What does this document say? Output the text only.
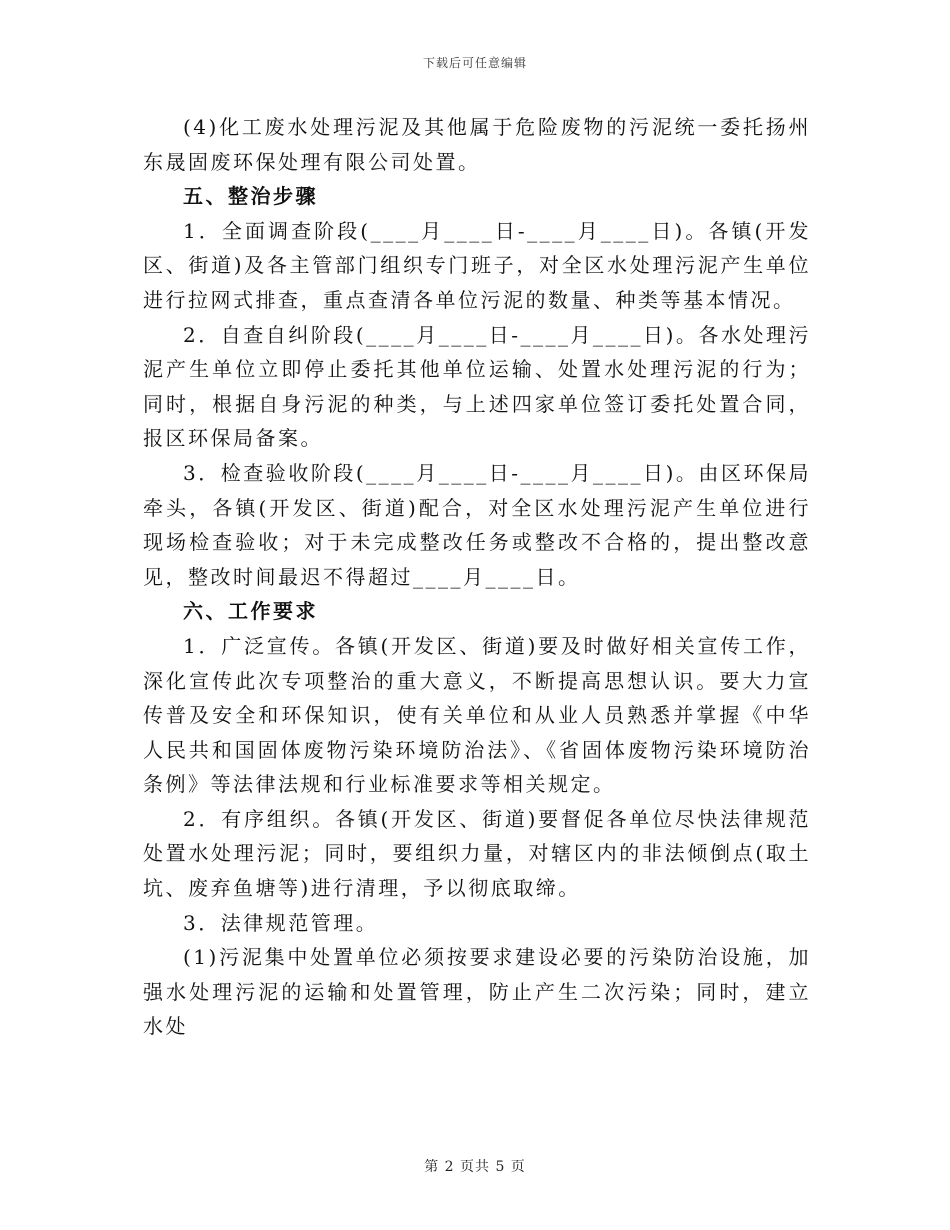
下载后可任意编辑

(4)化工废水处理污泥及其他属于危险废物的污泥统一委托扬州东晟固废环保处理有限公司处置。

五、整治步骤

1．全面调查阶段(____月____日-____月____日)。各镇(开发区、街道)及各主管部门组织专门班子，对全区水处理污泥产生单位进行拉网式排查，重点查清各单位污泥的数量、种类等基本情况。

2．自查自纠阶段(____月____日-____月____日)。各水处理污泥产生单位立即停止委托其他单位运输、处置水处理污泥的行为；同时，根据自身污泥的种类，与上述四家单位签订委托处置合同，报区环保局备案。

3．检查验收阶段(____月____日-____月____日)。由区环保局牵头，各镇(开发区、街道)配合，对全区水处理污泥产生单位进行现场检查验收；对于未完成整改任务或整改不合格的，提出整改意见，整改时间最迟不得超过____月____日。

六、工作要求

1．广泛宣传。各镇(开发区、街道)要及时做好相关宣传工作，深化宣传此次专项整治的重大意义，不断提高思想认识。要大力宣传普及安全和环保知识，使有关单位和从业人员熟悉并掌握《中华人民共和国固体废物污染环境防治法》、《省固体废物污染环境防治条例》等法律法规和行业标准要求等相关规定。

2．有序组织。各镇(开发区、街道)要督促各单位尽快法律规范处置水处理污泥；同时，要组织力量，对辖区内的非法倾倒点(取土坑、废弃鱼塘等)进行清理，予以彻底取缔。

3．法律规范管理。

(1)污泥集中处置单位必须按要求建设必要的污染防治设施，加强水处理污泥的运输和处置管理，防止产生二次污染；同时，建立水处

第 2 页共 5 页
